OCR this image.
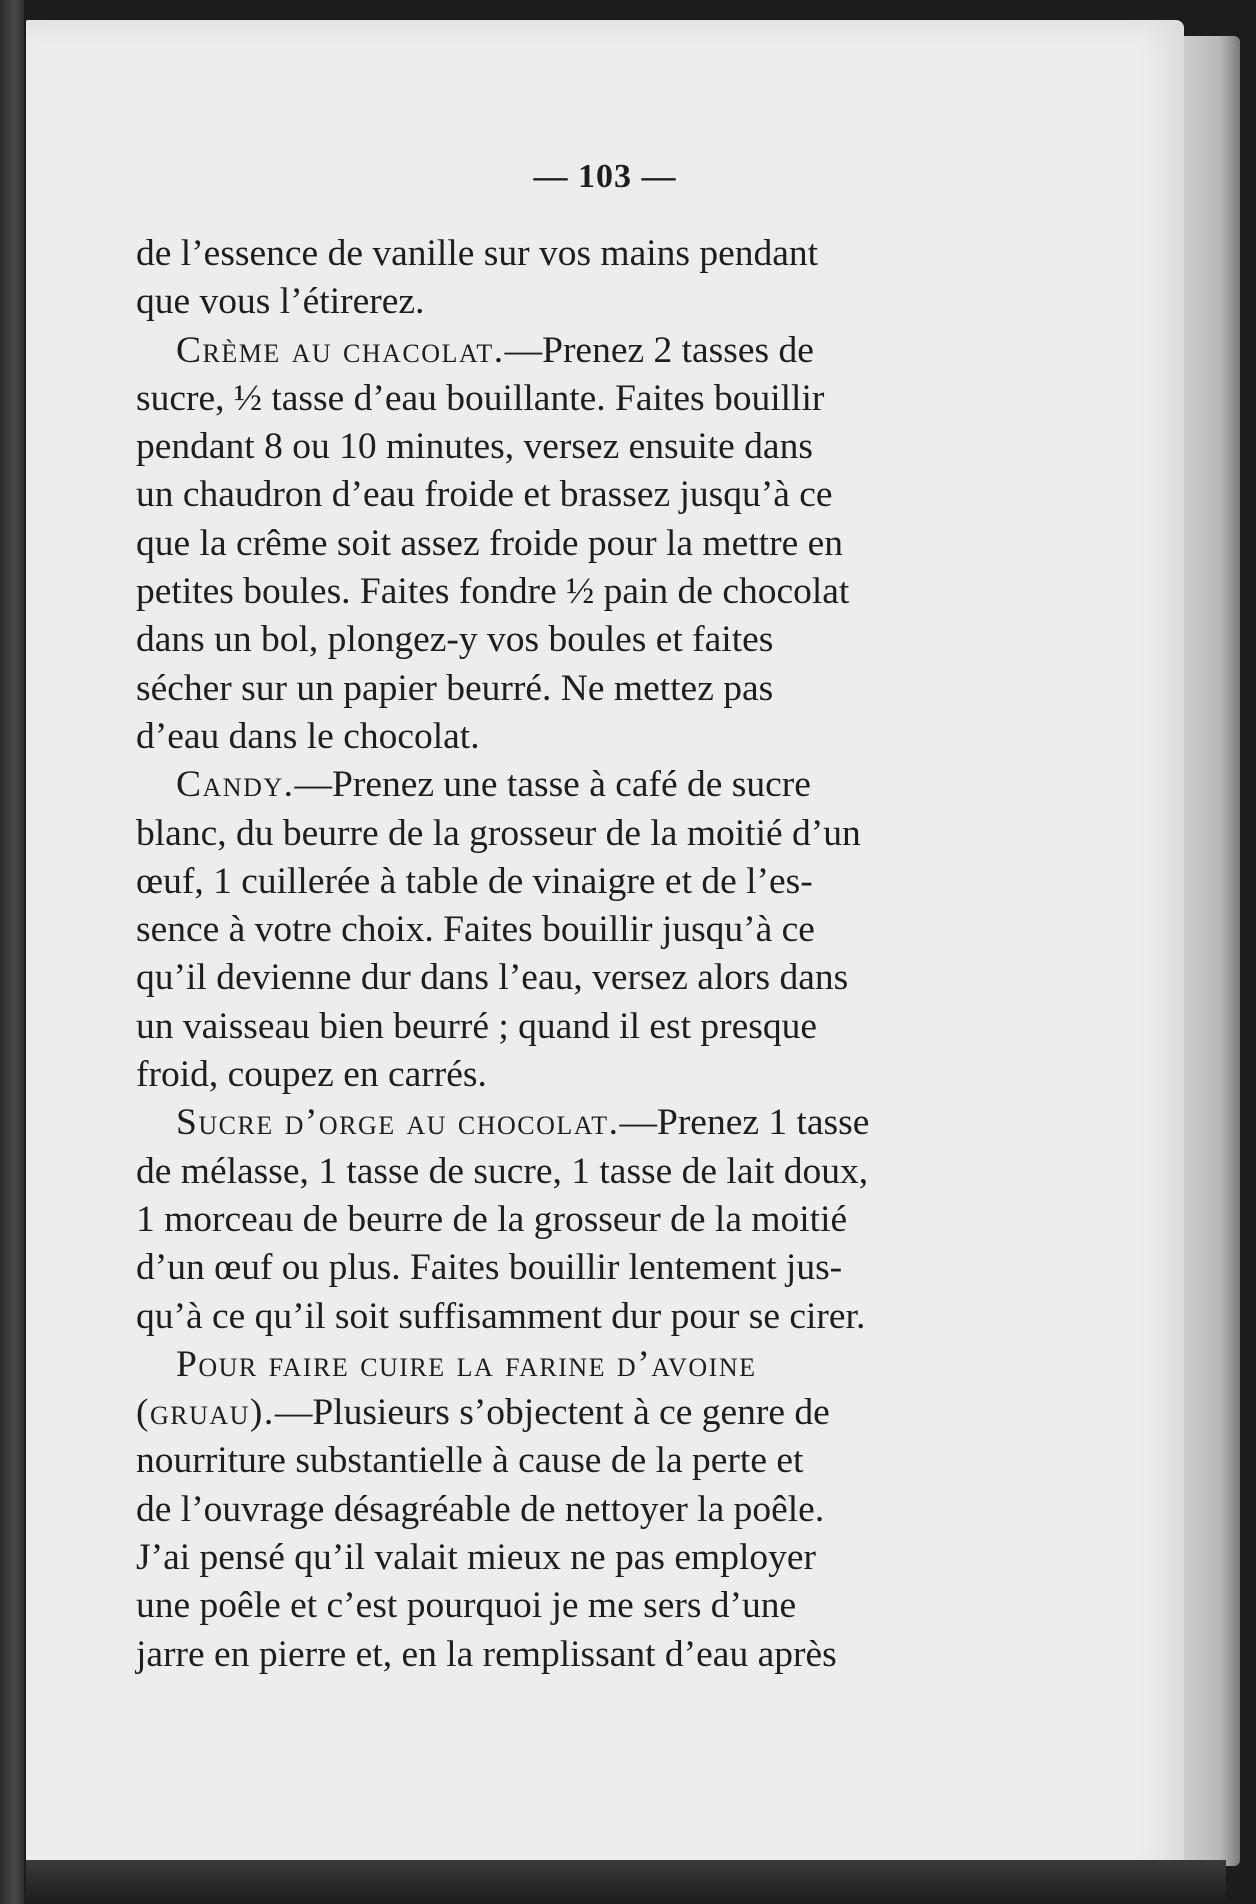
— 103 —
de l’essence de vanille sur vos mains pendant
que vous l’étirerez.
Crème au chacolat.—Prenez 2 tasses de
sucre, ½ tasse d’eau bouillante. Faites bouillir
pendant 8 ou 10 minutes, versez ensuite dans
un chaudron d’eau froide et brassez jusqu’à ce
que la crême soit assez froide pour la mettre en
petites boules. Faites fondre ½ pain de chocolat
dans un bol, plongez-y vos boules et faites
sécher sur un papier beurré. Ne mettez pas
d’eau dans le chocolat.
Candy.—Prenez une tasse à café de sucre
blanc, du beurre de la grosseur de la moitié d’un
œuf, 1 cuillerée à table de vinaigre et de l’es-
sence à votre choix. Faites bouillir jusqu’à ce
qu’il devienne dur dans l’eau, versez alors dans
un vaisseau bien beurré ; quand il est presque
froid, coupez en carrés.
Sucre d’orge au chocolat.—Prenez 1 tasse
de mélasse, 1 tasse de sucre, 1 tasse de lait doux,
1 morceau de beurre de la grosseur de la moitié
d’un œuf ou plus. Faites bouillir lentement jus-
qu’à ce qu’il soit suffisamment dur pour se cirer.
Pour faire cuire la farine d’avoine
(gruau).—Plusieurs s’objectent à ce genre de
nourriture substantielle à cause de la perte et
de l’ouvrage désagréable de nettoyer la poêle.
J’ai pensé qu’il valait mieux ne pas employer
une poêle et c’est pourquoi je me sers d’une
jarre en pierre et, en la remplissant d’eau après
